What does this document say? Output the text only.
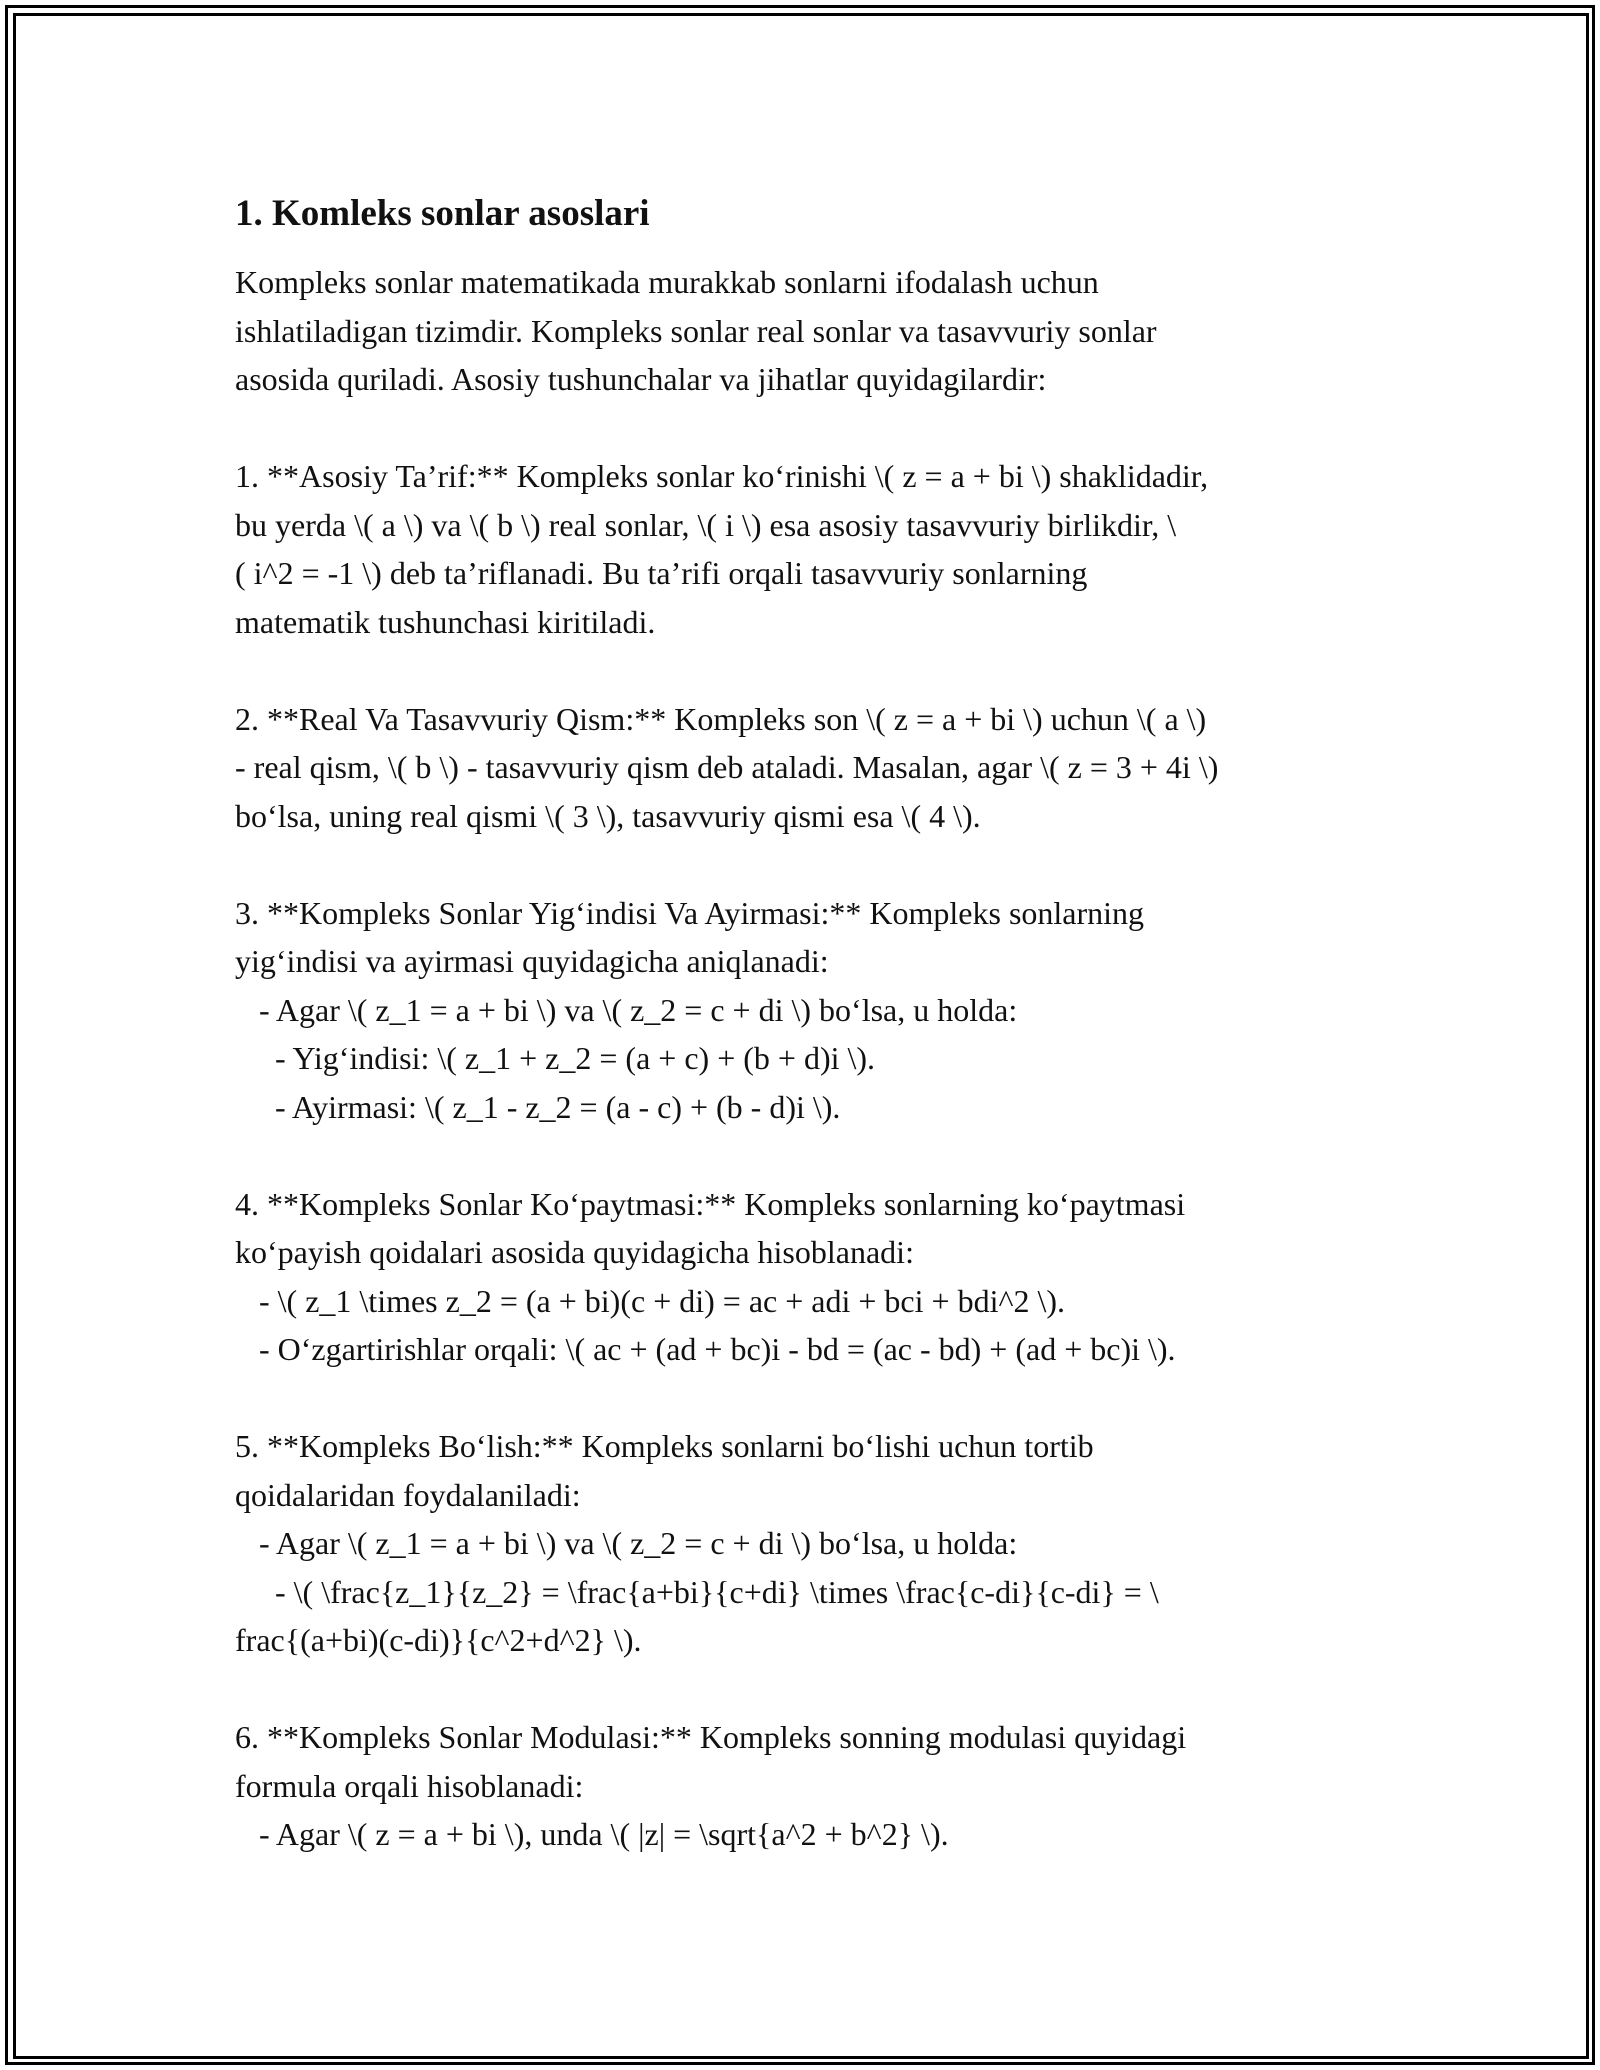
1. Komleks sonlar asoslari
Kompleks sonlar matematikada murakkab sonlarni ifodalash uchun
ishlatiladigan tizimdir. Kompleks sonlar real sonlar va tasavvuriy sonlar
asosida quriladi. Asosiy tushunchalar va jihatlar quyidagilardir:
1. **Asosiy Ta’rif:** Kompleks sonlar ko‘rinishi \( z = a + bi \) shaklidadir,
bu yerda \( a \) va \( b \) real sonlar, \( i \) esa asosiy tasavvuriy birlikdir, \
( i^2 = -1 \) deb ta’riflanadi. Bu ta’rifi orqali tasavvuriy sonlarning
matematik tushunchasi kiritiladi.
2. **Real Va Tasavvuriy Qism:** Kompleks son \( z = a + bi \) uchun \( a \)
- real qism, \( b \) - tasavvuriy qism deb ataladi. Masalan, agar \( z = 3 + 4i \)
bo‘lsa, uning real qismi \( 3 \), tasavvuriy qismi esa \( 4 \).
3. **Kompleks Sonlar Yig‘indisi Va Ayirmasi:** Kompleks sonlarning
yig‘indisi va ayirmasi quyidagicha aniqlanadi:
- Agar \( z_1 = a + bi \) va \( z_2 = c + di \) bo‘lsa, u holda:
- Yig‘indisi: \( z_1 + z_2 = (a + c) + (b + d)i \).
- Ayirmasi: \( z_1 - z_2 = (a - c) + (b - d)i \).
4. **Kompleks Sonlar Ko‘paytmasi:** Kompleks sonlarning ko‘paytmasi
ko‘payish qoidalari asosida quyidagicha hisoblanadi:
- \( z_1 \times z_2 = (a + bi)(c + di) = ac + adi + bci + bdi^2 \).
- O‘zgartirishlar orqali: \( ac + (ad + bc)i - bd = (ac - bd) + (ad + bc)i \).
5. **Kompleks Bo‘lish:** Kompleks sonlarni bo‘lishi uchun tortib
qoidalaridan foydalaniladi:
- Agar \( z_1 = a + bi \) va \( z_2 = c + di \) bo‘lsa, u holda:
- \( \frac{z_1}{z_2} = \frac{a+bi}{c+di} \times \frac{c-di}{c-di} = \
frac{(a+bi)(c-di)}{c^2+d^2} \).
6. **Kompleks Sonlar Modulasi:** Kompleks sonning modulasi quyidagi
formula orqali hisoblanadi:
- Agar \( z = a + bi \), unda \( |z| = \sqrt{a^2 + b^2} \).
